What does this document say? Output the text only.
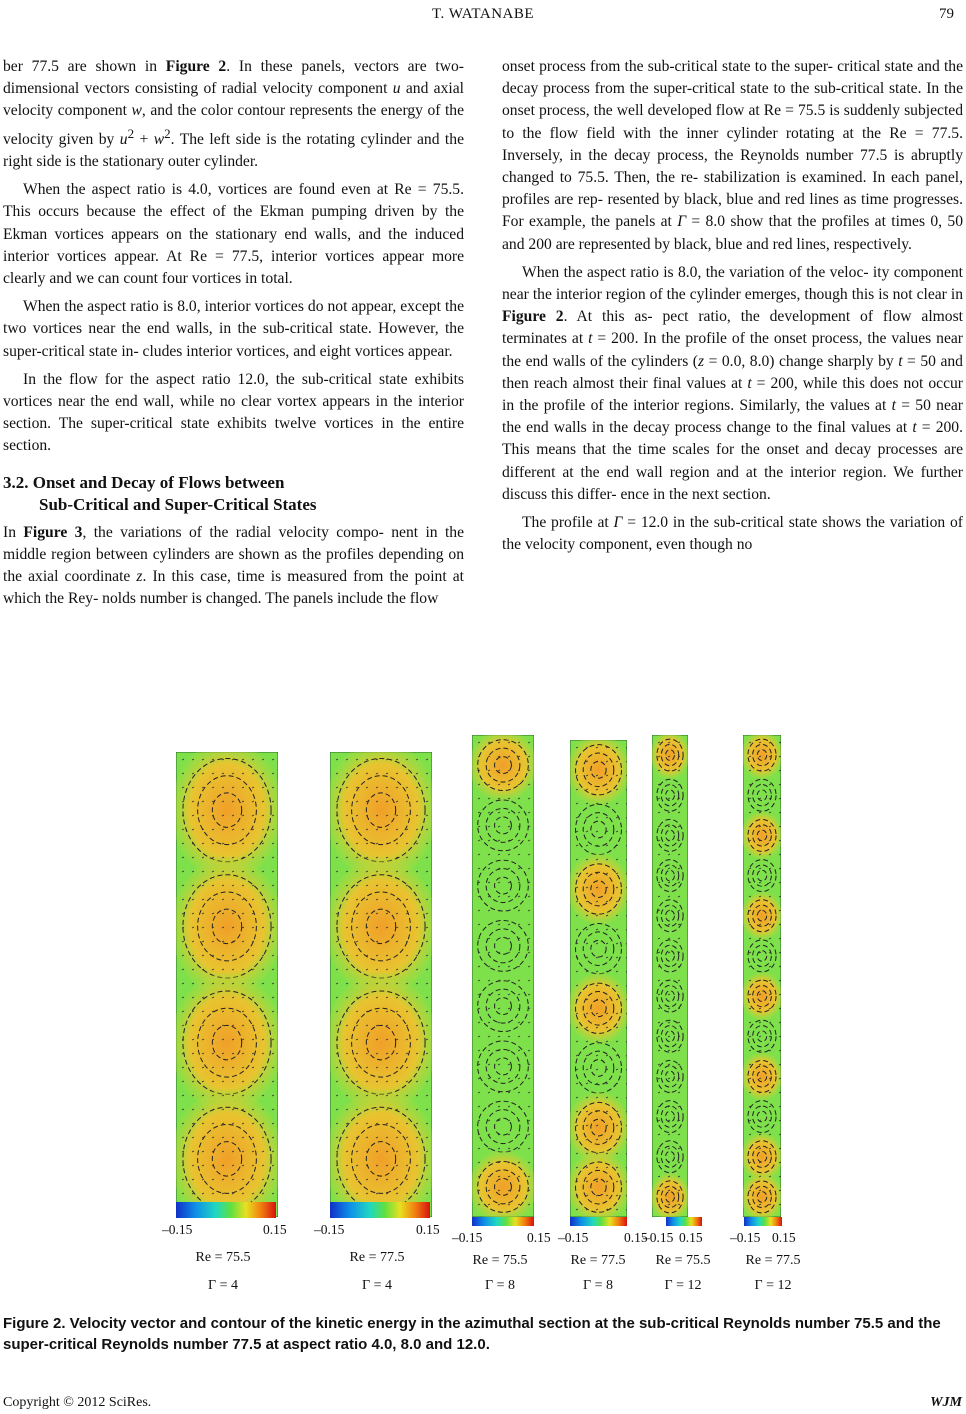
T. WATANABE	79

ber 77.5 are shown in Figure 2. In these panels, vectors are two-dimensional vectors consisting of radial velocity component u and axial velocity component w, and the color contour represents the energy of the velocity given by $u^2 + w^2$. The left side is the rotating cylinder and the right side is the stationary outer cylinder.

When the aspect ratio is 4.0, vortices are found even at Re = 75.5. This occurs because the effect of the Ekman pumping driven by the Ekman vortices appears on the stationary end walls, and the induced interior vortices appear. At Re = 77.5, interior vortices appear more clearly and we can count four vortices in total.

When the aspect ratio is 8.0, interior vortices do not appear, except the two vortices near the end walls, in the sub-critical state. However, the super-critical state in- cludes interior vortices, and eight vortices appear.

In the flow for the aspect ratio 12.0, the sub-critical state exhibits vortices near the end wall, while no clear vortex appears in the interior section. The super-critical state exhibits twelve vortices in the entire section.

3.2. Onset and Decay of Flows between
Sub-Critical and Super-Critical States

In Figure 3, the variations of the radial velocity compo- nent in the middle region between cylinders are shown as the profiles depending on the axial coordinate z. In this case, time is measured from the point at which the Rey- nolds number is changed. The panels include the flow

onset process from the sub-critical state to the super- critical state and the decay process from the super-critical state to the sub-critical state. In the onset process, the well developed flow at Re = 75.5 is suddenly subjected to the flow field with the inner cylinder rotating at the Re = 77.5. Inversely, in the decay process, the Reynolds number 77.5 is abruptly changed to 75.5. Then, the re- stabilization is examined. In each panel, profiles are rep- resented by black, blue and red lines as time progresses. For example, the panels at Γ = 8.0 show that the profiles at times 0, 50 and 200 are represented by black, blue and red lines, respectively.

When the aspect ratio is 8.0, the variation of the veloc- ity component near the interior region of the cylinder emerges, though this is not clear in Figure 2. At this as- pect ratio, the development of flow almost terminates at t = 200. In the profile of the onset process, the values near the end walls of the cylinders (z = 0.0, 8.0) change sharply by t = 50 and then reach almost their final values at t = 200, while this does not occur in the profile of the interior regions. Similarly, the values at t = 50 near the end walls in the decay process change to the final values at t = 200. This means that the time scales for the onset and decay processes are different at the end wall region and at the interior region. We further discuss this differ- ence in the next section.

The profile at Γ = 12.0 in the sub-critical state shows the variation of the velocity component, even though no

–0.15	0.15
Re = 75.5
Γ = 4
–0.15	0.15
Re = 77.5
Γ = 4
–0.15	0.15
Re = 75.5
Γ = 8
–0.15	0.15
Re = 77.5
Γ = 8
–0.15 0.15
Re = 75.5
Γ = 12
–0.15 0.15
Re = 77.5
Γ = 12
Figure 2. Velocity vector and contour of the kinetic energy in the azimuthal section at the sub-critical Reynolds number 75.5 and the super-critical Reynolds number 77.5 at aspect ratio 4.0, 8.0 and 12.0.
Copyright © 2012 SciRes.	WJM
